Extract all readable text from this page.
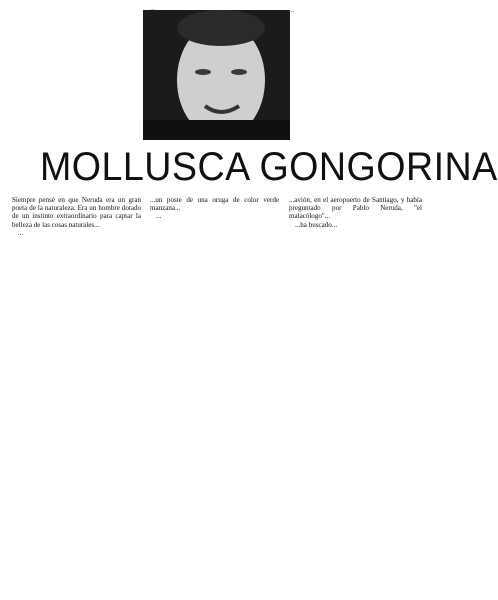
MOLLUSCA GONGORINA

...	...

Siempre pensé en que Neruda era un gran poeta de la naturaleza. Era un hombre dotado de un instinto extraordinario para captar la belleza de las cosas naturales...

...

...un poste de una oruga de color verde manzana...

...

...avión, en el aeropuerto de Santiago, y había preguntado por Pablo Neruda, "el malacólogo"...

...ha buscado...
